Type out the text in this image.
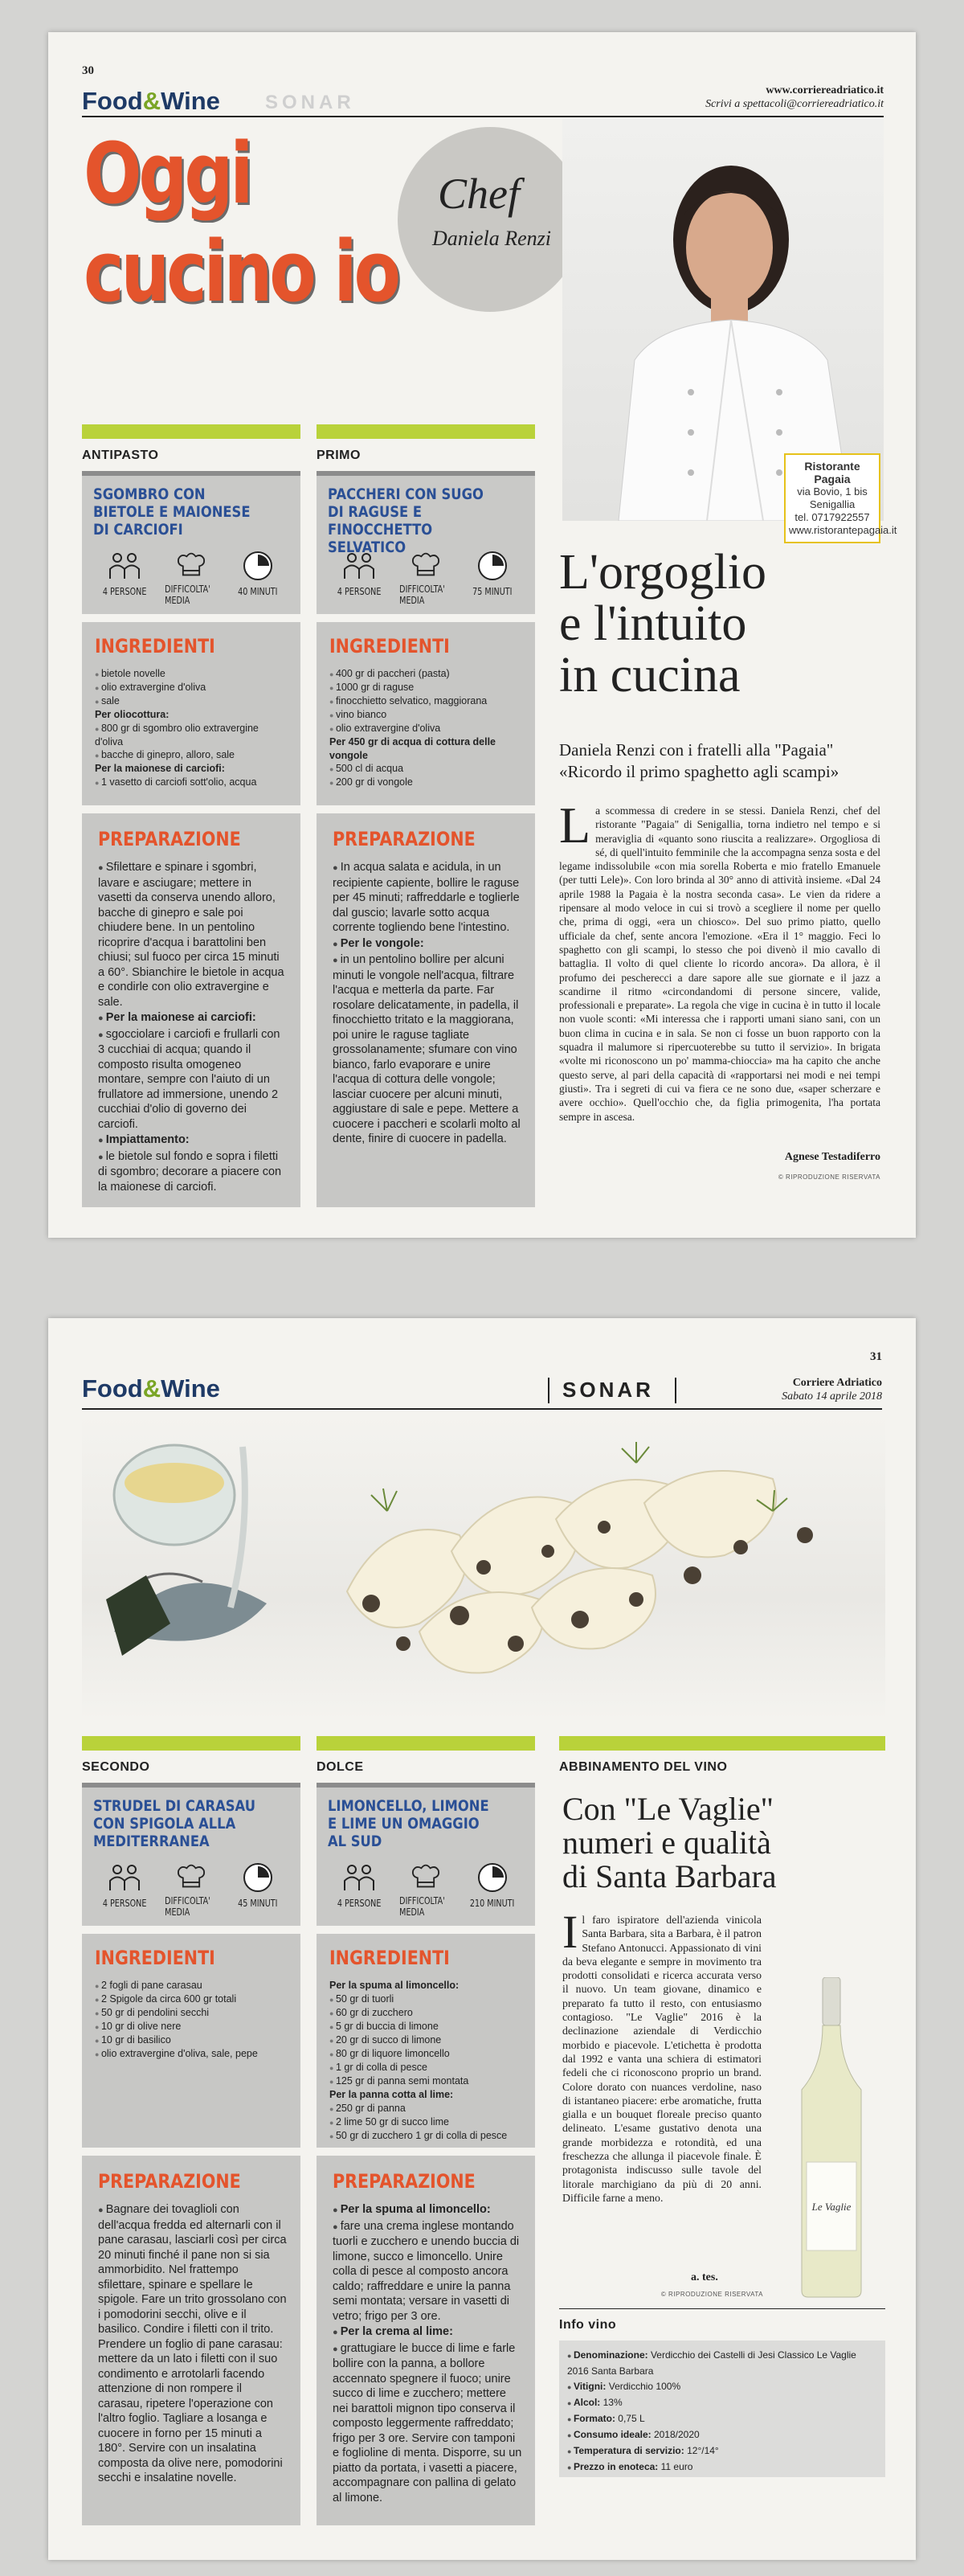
30
Food&Wine SONAR
www.corriereadriatico.it
Scrivi a spettacoli@corriereadriatico.it
Oggi
cucino io
Chef
Daniela Renzi
Ristorante Pagaia
via Bovio, 1 bis
Senigallia
tel. 0717922557
www.ristorantepagaia.it
ANTIPASTO	PRIMO
SGOMBRO CON BIETOLE E MAIONESE DI CARCIOFI
4 PERSONE DIFFICOLTA' MEDIA
40 MINUTI
PACCHERI CON SUGO DI RAGUSE E FINOCCHETTO SELVATICO
4 PERSONE DIFFICOLTA' MEDIA
75 MINUTI
INGREDIENTI
● bietole novelle
● olio extravergine d'oliva
● sale
Per oliocottura:
● 800 gr di sgombro olio extravergine d'oliva
● bacche di ginepro, alloro, sale
Per la maionese di carciofi:
● 1 vasetto di carciofi sott'olio, acqua
INGREDIENTI
● 400 gr di paccheri (pasta)
● 1000 gr di raguse
● finocchietto selvatico, maggiorana
● vino bianco
● olio extravergine d'oliva
Per 450 gr di acqua di cottura delle vongole
● 500 cl di acqua
● 200 gr di vongole
PREPARAZIONE

● Sfilettare e spinare i sgombri, lavare e asciugare; mettere in vasetti da conserva unendo alloro, bacche di ginepro e sale poi chiudere bene. In un pentolino ricoprire d'acqua i barattolini ben chiusi; sul fuoco per circa 15 minuti a 60°. Sbianchire le bietole in acqua e condirle con olio extravergine e sale.

● Per la maionese ai carciofi:

● sgocciolare i carciofi e frullarli con 3 cucchiai di acqua; quando il composto risulta omogeneo montare, sempre con l'aiuto di un frullatore ad immersione, unendo 2 cucchiai d'olio di governo dei carciofi.

● Impiattamento:

● le bietole sul fondo e sopra i filetti di sgombro; decorare a piacere con la maionese di carciofi.

PREPARAZIONE

● In acqua salata e acidula, in un recipiente capiente, bollire le raguse per 45 minuti; raffreddarle e toglierle dal guscio; lavarle sotto acqua corrente togliendo bene l'intestino.

● Per le vongole:

● in un pentolino bollire per alcuni minuti le vongole nell'acqua, filtrare l'acqua e metterla da parte. Far rosolare delicatamente, in padella, il finocchietto tritato e la maggiorana, poi unire le raguse tagliate grossolanamente; sfumare con vino bianco, farlo evaporare e unire l'acqua di cottura delle vongole; lasciar cuocere per alcuni minuti, aggiustare di sale e pepe. Mettere a cuocere i paccheri e scolarli molto al dente, finire di cuocere in padella.

L'orgoglio
e l'intuito
in cucina
Daniela Renzi con i fratelli alla "Pagaia" «Ricordo il primo spaghetto agli scampi»
La scommessa di credere in se stessi. Daniela Renzi, chef del ristorante "Pagaia" di Senigallia, torna indietro nel tempo e si meraviglia di «quanto sono riuscita a realizzare». Orgogliosa di sé, di quell'intuito femminile che la accompagna senza sosta e del legame indissolubile «con mia sorella Roberta e mio fratello Emanuele (per tutti Lele)». Con loro brinda al 30° anno di attività insieme. «Dal 24 aprile 1988 la Pagaia è la nostra seconda casa». Le vien da ridere a ripensare al modo veloce in cui si trovò a scegliere il nome per quello che, prima di oggi, «era un chiosco». Del suo primo piatto, quello ufficiale da chef, sente ancora l'emozione. «Era il 1° maggio. Feci lo spaghetto con gli scampi, lo stesso che poi divenò il mio cavallo di battaglia. Il volto di quel cliente lo ricordo ancora». Da allora, è il profumo dei pescherecci a dare sapore alle sue giornate e il jazz a scandirne il ritmo «circondandomi di persone sincere, valide, professionali e preparate». La regola che vige in cucina è in tutto il locale non vuole sconti: «Mi interessa che i rapporti umani siano sani, con un buon clima in cucina e in sala. Se non ci fosse un buon rapporto con la squadra il malumore si ripercuoterebbe su tutto il servizio». In brigata «volte mi riconoscono un po' mamma-chioccia» ma ha capito che anche questo serve, al pari della capacità di «rapportarsi nei modi e nei tempi giusti». Tra i segreti di cui va fiera ce ne sono due, «saper scherzare e avere occhio». Quell'occhio che, da figlia primogenita, l'ha portata sempre in ascesa.
Agnese Testadiferro
© RIPRODUZIONE RISERVATA
31
Food&Wine	SONAR	Corriere Adriatico
Sabato 14 aprile 2018
SECONDO	DOLCE	ABBINAMENTO DEL VINO
STRUDEL DI CARASAU CON SPIGOLA ALLA MEDITERRANEA
4 PERSONE DIFFICOLTA' MEDIA
45 MINUTI
LIMONCELLO, LIMONE E LIME UN OMAGGIO AL SUD
4 PERSONE DIFFICOLTA' MEDIA
210 MINUTI
INGREDIENTI
● 2 fogli di pane carasau
● 2 Spigole da circa 600 gr totali
● 50 gr di pendolini secchi
● 10 gr di olive nere
● 10 gr di basilico
● olio extravergine d'oliva, sale, pepe
INGREDIENTI
Per la spuma al limoncello:
● 50 gr di tuorli
● 60 gr di zucchero
● 5 gr di buccia di limone
● 20 gr di succo di limone
● 80 gr di liquore limoncello
● 1 gr di colla di pesce
● 125 gr di panna semi montata
Per la panna cotta al lime:
● 250 gr di panna
● 2 lime 50 gr di succo lime
● 50 gr di zucchero 1 gr di colla di pesce
PREPARAZIONE

● Bagnare dei tovaglioli con dell'acqua fredda ed alternarli con il pane carasau, lasciarli così per circa 20 minuti finché il pane non si sia ammorbidito. Nel frattempo sfilettare, spinare e spellare le spigole. Fare un trito grossolano con i pomodorini secchi, olive e il basilico. Condire i filetti con il trito. Prendere un foglio di pane carasau: mettere da un lato i filetti con il suo condimento e arrotolarli facendo attenzione di non rompere il carasau, ripetere l'operazione con l'altro foglio. Tagliare a losanga e cuocere in forno per 15 minuti a 180°. Servire con un insalatina composta da olive nere, pomodorini secchi e insalatine novelle.

PREPARAZIONE

● Per la spuma al limoncello:

● fare una crema inglese montando tuorli e zucchero e unendo buccia di limone, succo e limoncello. Unire colla di pesce al composto ancora caldo; raffreddare e unire la panna semi montata; versare in vasetti di vetro; frigo per 3 ore.

● Per la crema al lime:

● grattugiare le bucce di lime e farle bollire con la panna, a bollore accennato spegnere il fuoco; unire succo di lime e zucchero; mettere nei barattoli mignon tipo conserva il composto leggermente raffreddato; frigo per 3 ore. Servire con tamponi e foglioline di menta. Disporre, su un piatto da portata, i vasetti a piacere, accompagnare con pallina di gelato al limone.

Con "Le Vaglie"
numeri e qualità
di Santa Barbara
Il faro ispiratore dell'azienda vinicola Santa Barbara, sita a Barbara, è il patron Stefano Antonucci. Appassionato di vini da beva elegante e sempre in movimento tra prodotti consolidati e ricerca accurata verso il nuovo. Un team giovane, dinamico e preparato fa tutto il resto, con entusiasmo contagioso. "Le Vaglie" 2016 è la declinazione aziendale di Verdicchio morbido e piacevole. L'etichetta è prodotta dal 1992 e vanta una schiera di estimatori fedeli che ci riconoscono proprio un brand. Colore dorato con nuances verdoline, naso di istantaneo piacere: erbe aromatiche, frutta gialla e un bouquet floreale preciso quanto delineato. L'esame gustativo denota una grande morbidezza e rotondità, ed una freschezza che allunga il piacevole finale. È protagonista indiscusso sulle tavole del litorale marchigiano da più di 20 anni. Difficile farne a meno.
a. tes.
© RIPRODUZIONE RISERVATA
Le Vaglie
Info vino
● Denominazione: Verdicchio dei Castelli di Jesi Classico Le Vaglie 2016 Santa Barbara
● Vitigni: Verdicchio 100%
● Alcol: 13%
● Formato: 0,75 L
● Consumo ideale: 2018/2020
● Temperatura di servizio: 12°/14°
● Prezzo in enoteca: 11 euro
